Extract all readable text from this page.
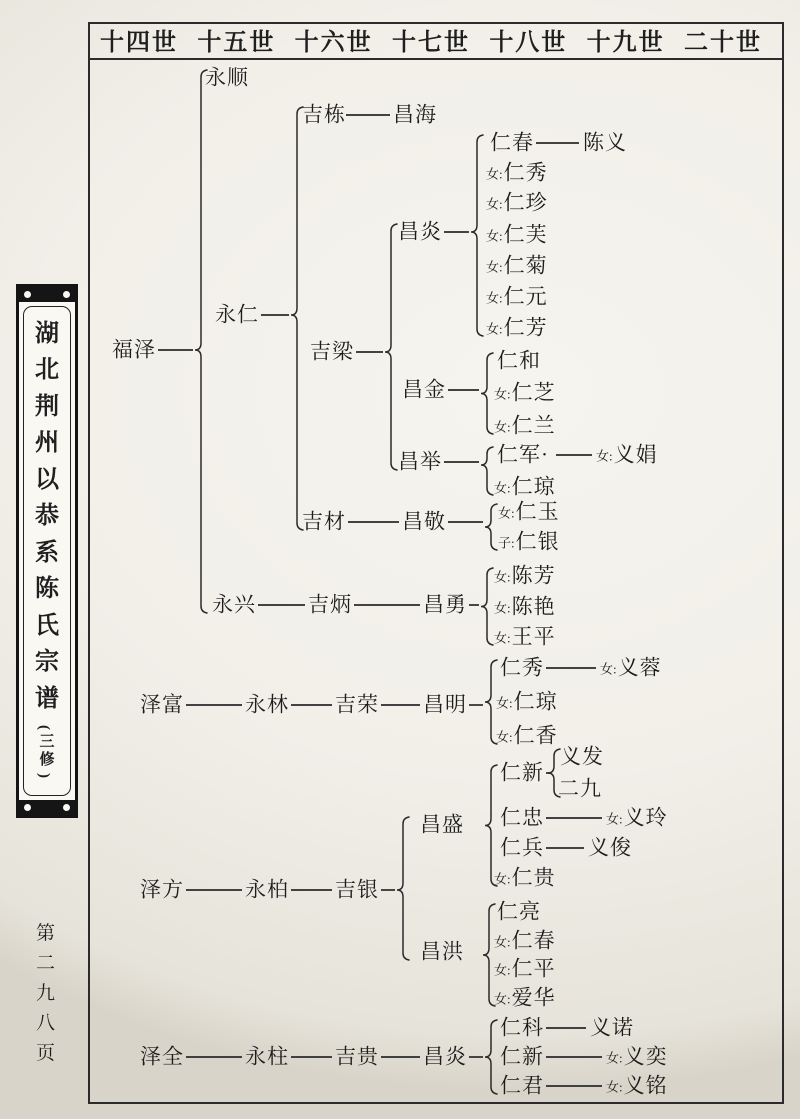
十四世 十五世 十六世 十七世 十八世 十九世 二十世
福泽
泽富
泽方
泽全
永顺
永仁
永兴
永林
永柏
永柱
吉栋
吉梁
吉材
吉炳
吉荣
吉银
吉贵
昌海
昌炎
昌金
昌举
昌敬
昌勇
昌明
昌盛
昌洪
昌炎
仁春
女:仁秀
女:仁珍
女:仁芙
女:仁菊
女:仁元
女:仁芳
陈义
仁和
女:仁芝
女:仁兰
仁军·	女:义娟
女:仁琼
女:仁玉
子:仁银
女:陈芳
女:陈艳
女:王平
仁秀	女:义蓉
女:仁琼
女:仁香
仁新
义发
二九
仁忠	女:义玲
仁兵 义俊
女:仁贵
仁亮
女:仁春
女:仁平
女:爱华
仁科 义诺
仁新	女:义奕
仁君	女:义铭
湖
北
荆
州
以
恭
系
陈
氏
宗
谱
(
三
修
)
第
二
九
八
页
